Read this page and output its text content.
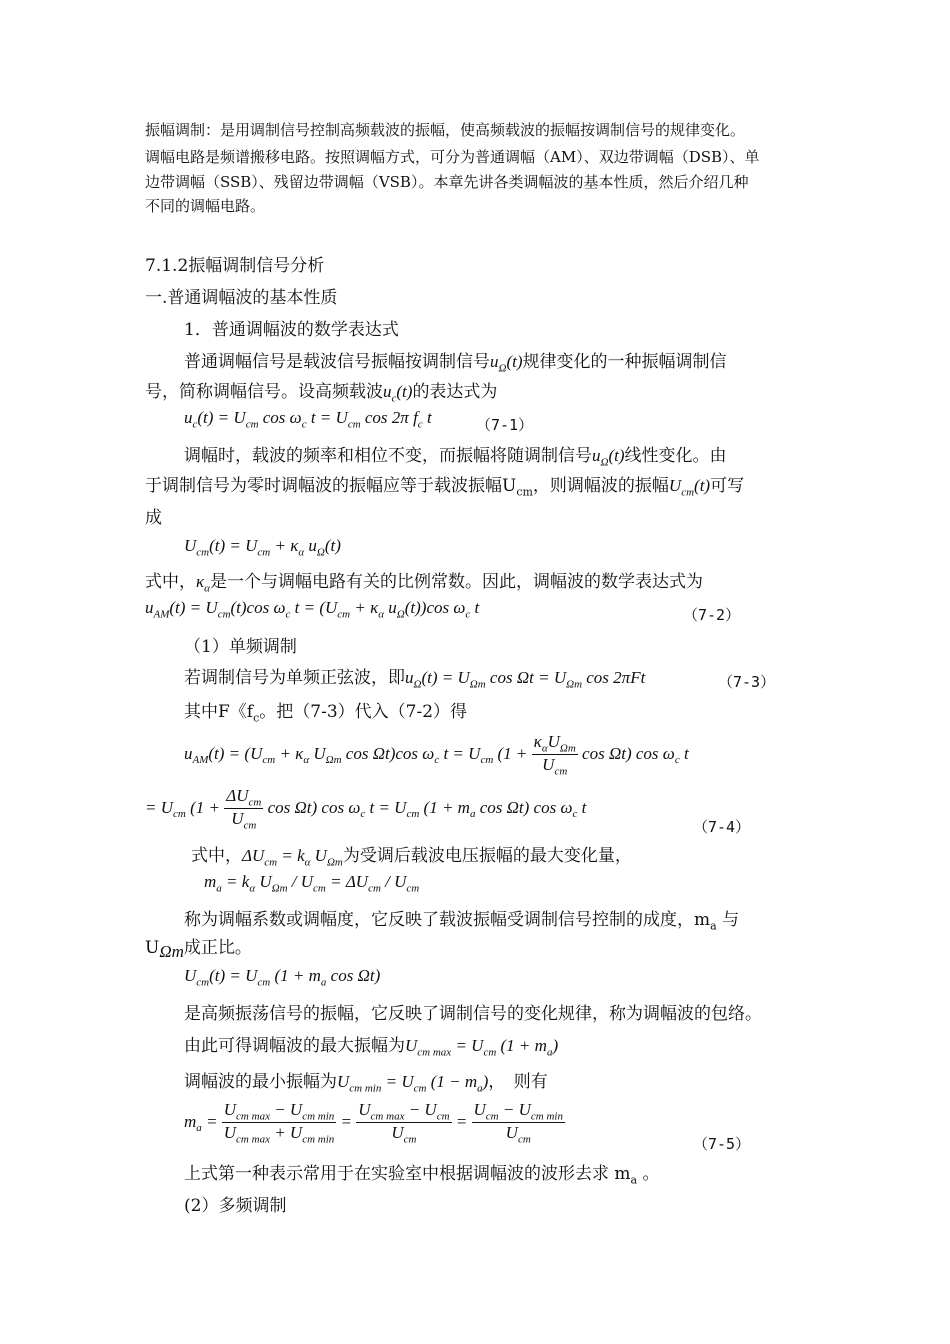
振幅调制：是用调制信号控制高频载波的振幅，使高频载波的振幅按调制信号的规律变化。
调幅电路是频谱搬移电路。按照调幅方式，可分为普通调幅（AM）、双边带调幅（DSB）、单
边带调幅（SSB）、残留边带调幅（VSB）。本章先讲各类调幅波的基本性质，然后介绍几种
不同的调幅电路。
7.1.2振幅调制信号分析
一.普通调幅波的基本性质
1．普通调幅波的数学表达式
普通调幅信号是载波信号振幅按调制信号$u_\Omega(t)$规律变化的一种振幅调制信
号，简称调幅信号。设高频载波$u_c(t)$的表达式为
$u_c(t) = U_{cm}$ $\cos \omega_c$ $t = U_{cm}$ cos 2π $f_c$ t	（7-1）
调幅时，载波的频率和相位不变，而振幅将随调制信号$u_\Omega(t)$线性变化。由
于调制信号为零时调幅波的振幅应等于载波振幅$U_{cm}$，则调幅波的振幅$U_{cm}(t)$可写
成
$U_{cm}(t) = U_{cm} + \kappa_\alpha$ $u_\Omega(t)$
式中，$\kappa_\alpha$是一个与调幅电路有关的比例常数。因此，调幅波的数学表达式为
$u_{AM}(t) = U_{cm}(t)\cos$ $\omega_c$ $t = (U_{cm} + \kappa_\alpha$ $u_\Omega(t))\cos$ $\omega_c$ t	（7-2）
（1）单频调制
若调制信号为单频正弦波，即$u_\Omega(t) = U_{\Omega m}$ $\cos \Omega t = U_{\Omega m}$ cos 2πFt	（7-3）
其中F《$f_c$。把（7-3）代入（7-2）得
$u_{AM}(t) = (U_{cm} + \kappa_\alpha$ $U_{\Omega m}$ cos Ωt)cos $\omega_c$ $t = U_{cm}$ ($1 + \frac{\kappa_\alpha U_{\Omega m}}{U_{cm}}$ cos Ωt) $\cos \omega_c$ t
= $U_{cm}$ ($1 + \frac{\Delta U_{cm}}{U_{cm}}$ cos Ωt) $\cos \omega_c$ $t = U_{cm}$ ($1 + m_a$ cos Ωt) $\cos \omega_c$ t
（7-4）
式中，$\Delta U_{cm} = k_\alpha$ $U_{\Omega m}$为受调后载波电压振幅的最大变化量，
$m_a = k_\alpha$ $U_{\Omega m} / U_{cm} = \Delta U_{cm} / U_{cm}$
称为调幅系数或调幅度，它反映了载波振幅受调制信号控制的成度，$m_a$ 与
$U_{\Omega m}$成正比。
$U_{cm}(t) = U_{cm}$ ($1 + m_a$ cos Ωt)
是高频振荡信号的振幅，它反映了调制信号的变化规律，称为调幅波的包络。
由此可得调幅波的最大振幅为$U_{cm max} = U_{cm}$ $(1 + m_a)$
调幅波的最小振幅为$U_{cm min} = U_{cm}$ $(1 - m_a)$，　则有
$m_a = \frac{U_{cm max} - U_{cm min}}{U_{cm max} + U_{cm min}} = \frac{U_{cm max} - U_{cm}}{U_{cm}} = \frac{U_{cm} - U_{cm min}}{U_{cm}}$	（7-5）
上式第一种表示常用于在实验室中根据调幅波的波形去求 $m_a$ 。
(2）多频调制
